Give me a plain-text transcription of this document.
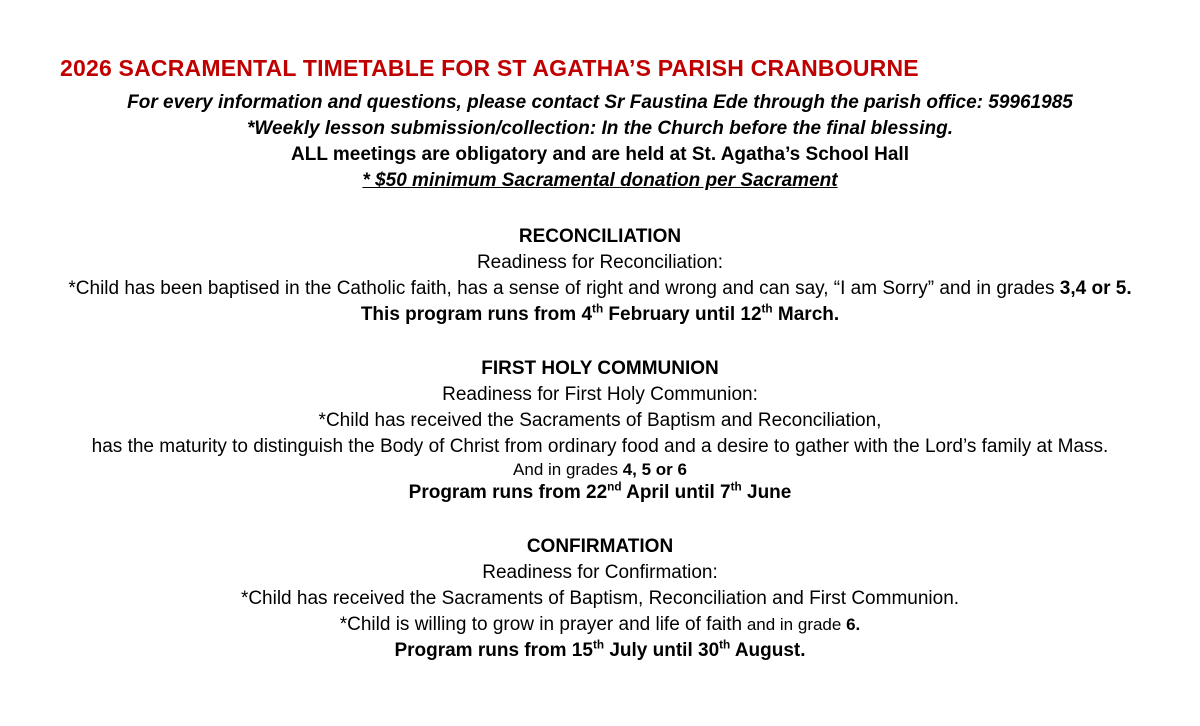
2026 SACRAMENTAL TIMETABLE FOR ST AGATHA’S PARISH CRANBOURNE
For every information and questions, please contact Sr Faustina Ede through the parish office: 59961985
*Weekly lesson submission/collection: In the Church before the final blessing.
ALL meetings are obligatory and are held at St. Agatha’s School Hall
* $50 minimum Sacramental donation per Sacrament
RECONCILIATION
Readiness for Reconciliation:
*Child has been baptised in the Catholic faith, has a sense of right and wrong and can say, “I am Sorry” and in grades 3,4 or 5.
This program runs from 4th February until 12th March.
FIRST HOLY COMMUNION
Readiness for First Holy Communion:
*Child has received the Sacraments of Baptism and Reconciliation,
has the maturity to distinguish the Body of Christ from ordinary food and a desire to gather with the Lord’s family at Mass.
And in grades 4, 5 or 6
Program runs from 22nd April until 7th June
CONFIRMATION
Readiness for Confirmation:
*Child has received the Sacraments of Baptism, Reconciliation and First Communion.
*Child is willing to grow in prayer and life of faith and in grade 6.
Program runs from 15th July until 30th August.
